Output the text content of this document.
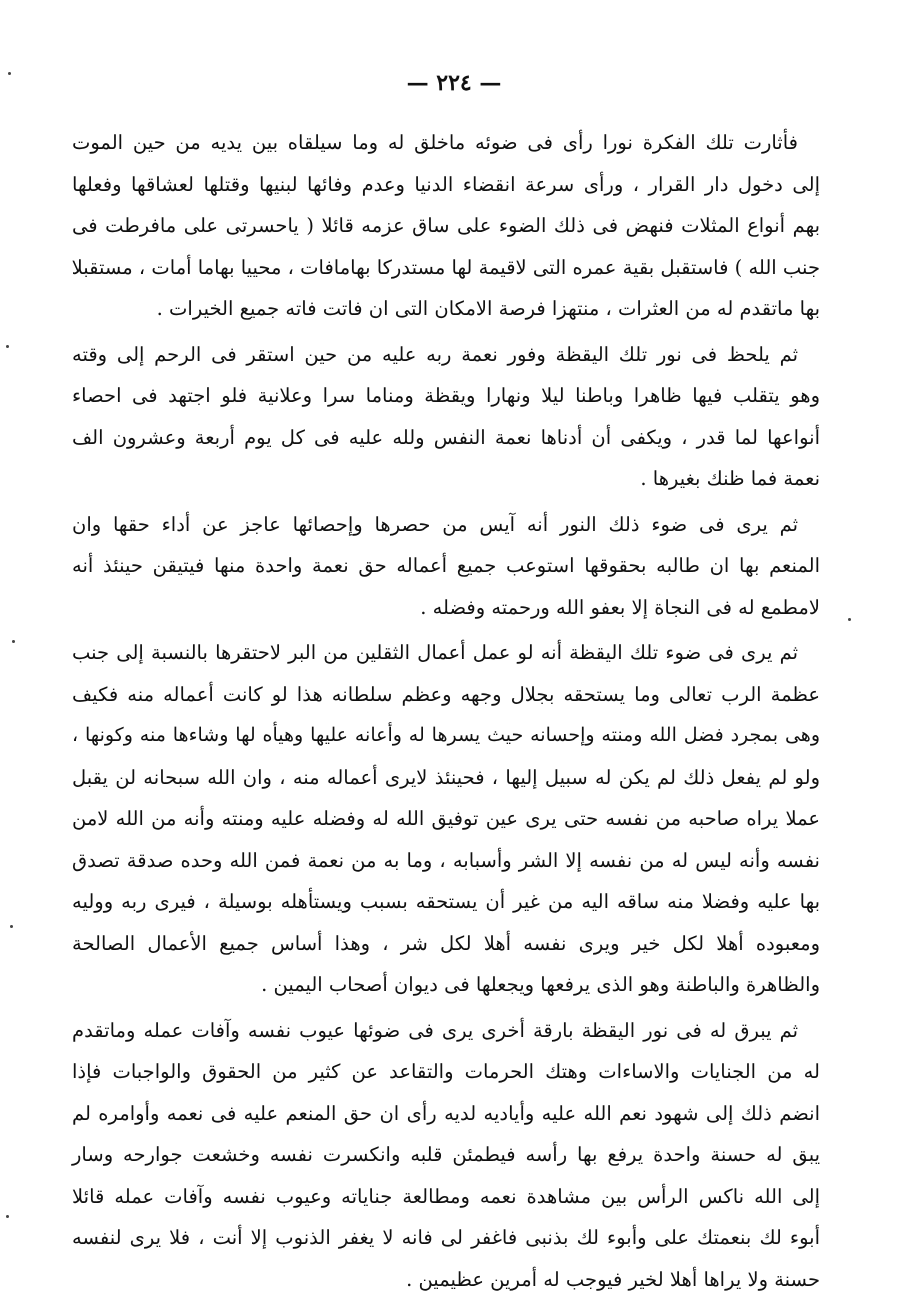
— ٢٢٤ —
فأثارت تلك الفكرة نورا رأى فى ضوئه ماخلق له وما سيلقاه بين يديه من حين الموت
إلى دخول دار القرار ، ورأى سرعة انقضاء الدنيا وعدم وفائها لبنيها وقتلها لعشاقها وفعلها
بهم أنواع المثلات فنهض فى ذلك الضوء على ساق عزمه قائلا ( ياحسرتى على مافرطت فى
جنب الله ) فاستقبل بقية عمره التى لاقيمة لها مستدركا بهامافات ، محييا بهاما أمات ، مستقبلا
بها ماتقدم له من العثرات ، منتهزا فرصة الامكان التى ان فاتت فاته جميع الخيرات .
ثم يلحظ فى نور تلك اليقظة وفور نعمة ربه عليه من حين استقر فى الرحم إلى وقته
وهو يتقلب فيها ظاهرا وباطنا ليلا ونهارا ويقظة ومناما سرا وعلانية فلو اجتهد فى احصاء
أنواعها لما قدر ، ويكفى أن أدناها نعمة النفس ولله عليه فى كل يوم أربعة وعشرون الف
نعمة فما ظنك بغيرها .
ثم يرى فى ضوء ذلك النور أنه آيس من حصرها وإحصائها عاجز عن أداء حقها وان
المنعم بها ان طالبه بحقوقها استوعب جميع أعماله حق نعمة واحدة منها فيتيقن حينئذ أنه
لامطمع له فى النجاة إلا بعفو الله ورحمته وفضله .
ثم يرى فى ضوء تلك اليقظة أنه لو عمل أعمال الثقلين من البر لاحتقرها بالنسبة إلى جنب
عظمة الرب تعالى وما يستحقه بجلال وجهه وعظم سلطانه هذا لو كانت أعماله منه فكيف
وهى بمجرد فضل الله ومنته وإحسانه حيث يسرها له وأعانه عليها وهيأه لها وشاءها منه وكونها ،
ولو لم يفعل ذلك لم يكن له سبيل إليها ، فحينئذ لايرى أعماله منه ، وان الله سبحانه لن يقبل
عملا يراه صاحبه من نفسه حتى يرى عين توفيق الله له وفضله عليه ومنته وأنه من الله لامن
نفسه وأنه ليس له من نفسه إلا الشر وأسبابه ، وما به من نعمة فمن الله وحده صدقة تصدق
بها عليه وفضلا منه ساقه اليه من غير أن يستحقه بسبب ويستأهله بوسيلة ، فيرى ربه ووليه
ومعبوده أهلا لكل خير ويرى نفسه أهلا لكل شر ، وهذا أساس جميع الأعمال الصالحة
والظاهرة والباطنة وهو الذى يرفعها ويجعلها فى ديوان أصحاب اليمين .
ثم يبرق له فى نور اليقظة بارقة أخرى يرى فى ضوئها عيوب نفسه وآفات عمله وماتقدم
له من الجنايات والاساءات وهتك الحرمات والتقاعد عن كثير من الحقوق والواجبات فإذا
انضم ذلك إلى شهود نعم الله عليه وأياديه لديه رأى ان حق المنعم عليه فى نعمه وأوامره لم
يبق له حسنة واحدة يرفع بها رأسه فيطمئن قلبه وانكسرت نفسه وخشعت جوارحه وسار
إلى الله ناكس الرأس بين مشاهدة نعمه ومطالعة جناياته وعيوب نفسه وآفات عمله قائلا
أبوء لك بنعمتك على وأبوء لك بذنبى فاغفر لى فانه لا يغفر الذنوب إلا أنت ، فلا يرى لنفسه
حسنة ولا يراها أهلا لخير فيوجب له أمرين عظيمين .
